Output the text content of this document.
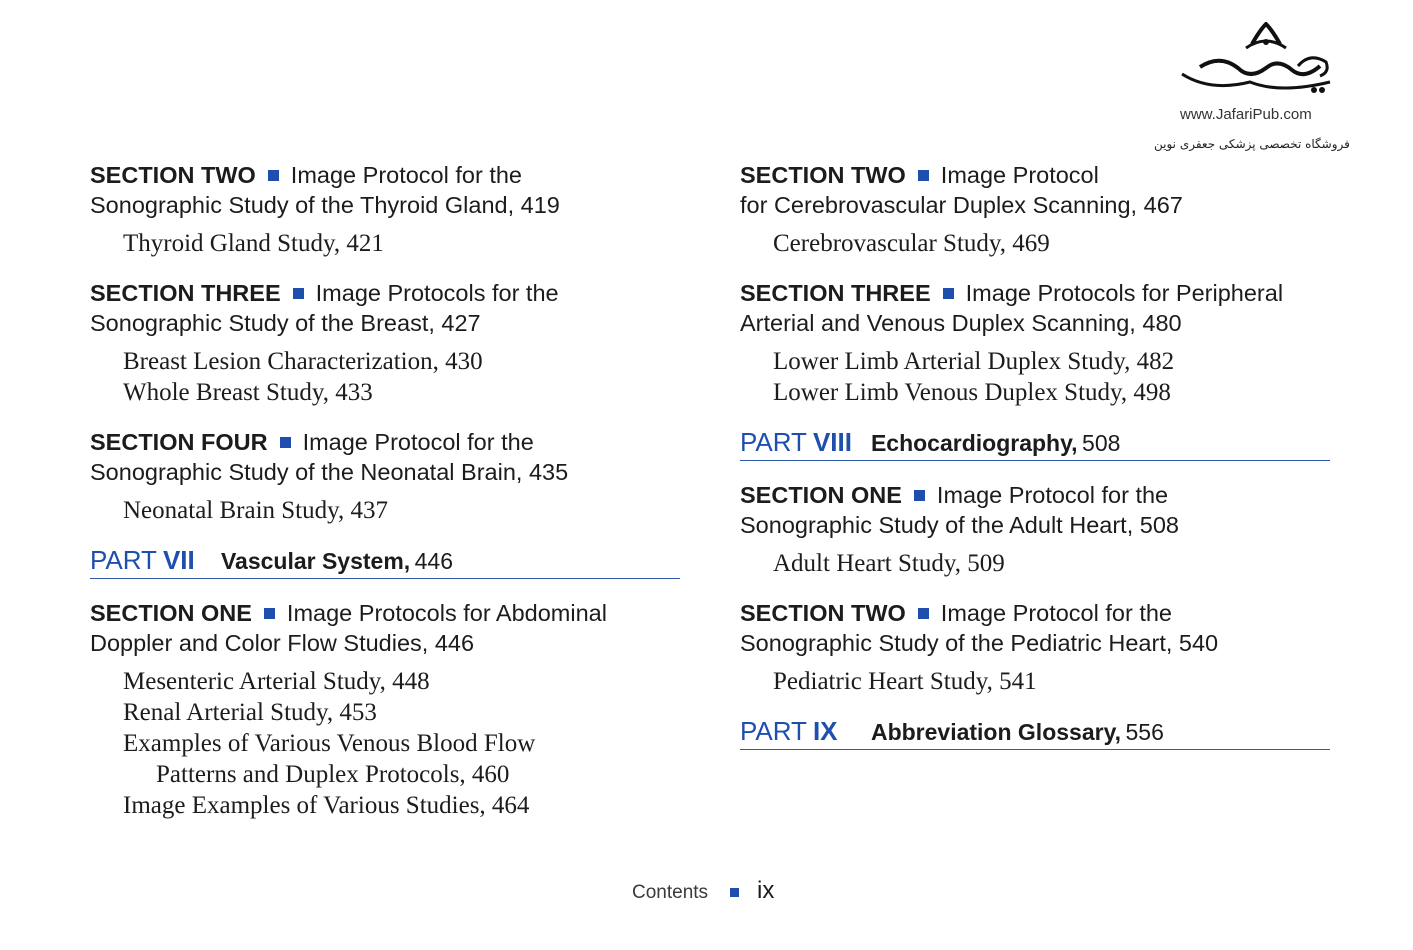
www.JafariPub.com
فروشگاه تخصصی پزشکی جعفری نوین
SECTION TWO Image Protocol for the
Sonographic Study of the Thyroid Gland, 419
Thyroid Gland Study, 421
SECTION THREE Image Protocols for the
Sonographic Study of the Breast, 427
Breast Lesion Characterization, 430
Whole Breast Study, 433
SECTION FOUR Image Protocol for the
Sonographic Study of the Neonatal Brain, 435
Neonatal Brain Study, 437
PART VII Vascular System, 446
SECTION ONE Image Protocols for Abdominal
Doppler and Color Flow Studies, 446
Mesenteric Arterial Study, 448
Renal Arterial Study, 453
Examples of Various Venous Blood Flow
Patterns and Duplex Protocols, 460
Image Examples of Various Studies, 464
SECTION TWO Image Protocol
for Cerebrovascular Duplex Scanning, 467
Cerebrovascular Study, 469
SECTION THREE Image Protocols for Peripheral
Arterial and Venous Duplex Scanning, 480
Lower Limb Arterial Duplex Study, 482
Lower Limb Venous Duplex Study, 498
PART VIII Echocardiography, 508
SECTION ONE Image Protocol for the
Sonographic Study of the Adult Heart, 508
Adult Heart Study, 509
SECTION TWO Image Protocol for the
Sonographic Study of the Pediatric Heart, 540
Pediatric Heart Study, 541
PART IX Abbreviation Glossary, 556
Contents ix
